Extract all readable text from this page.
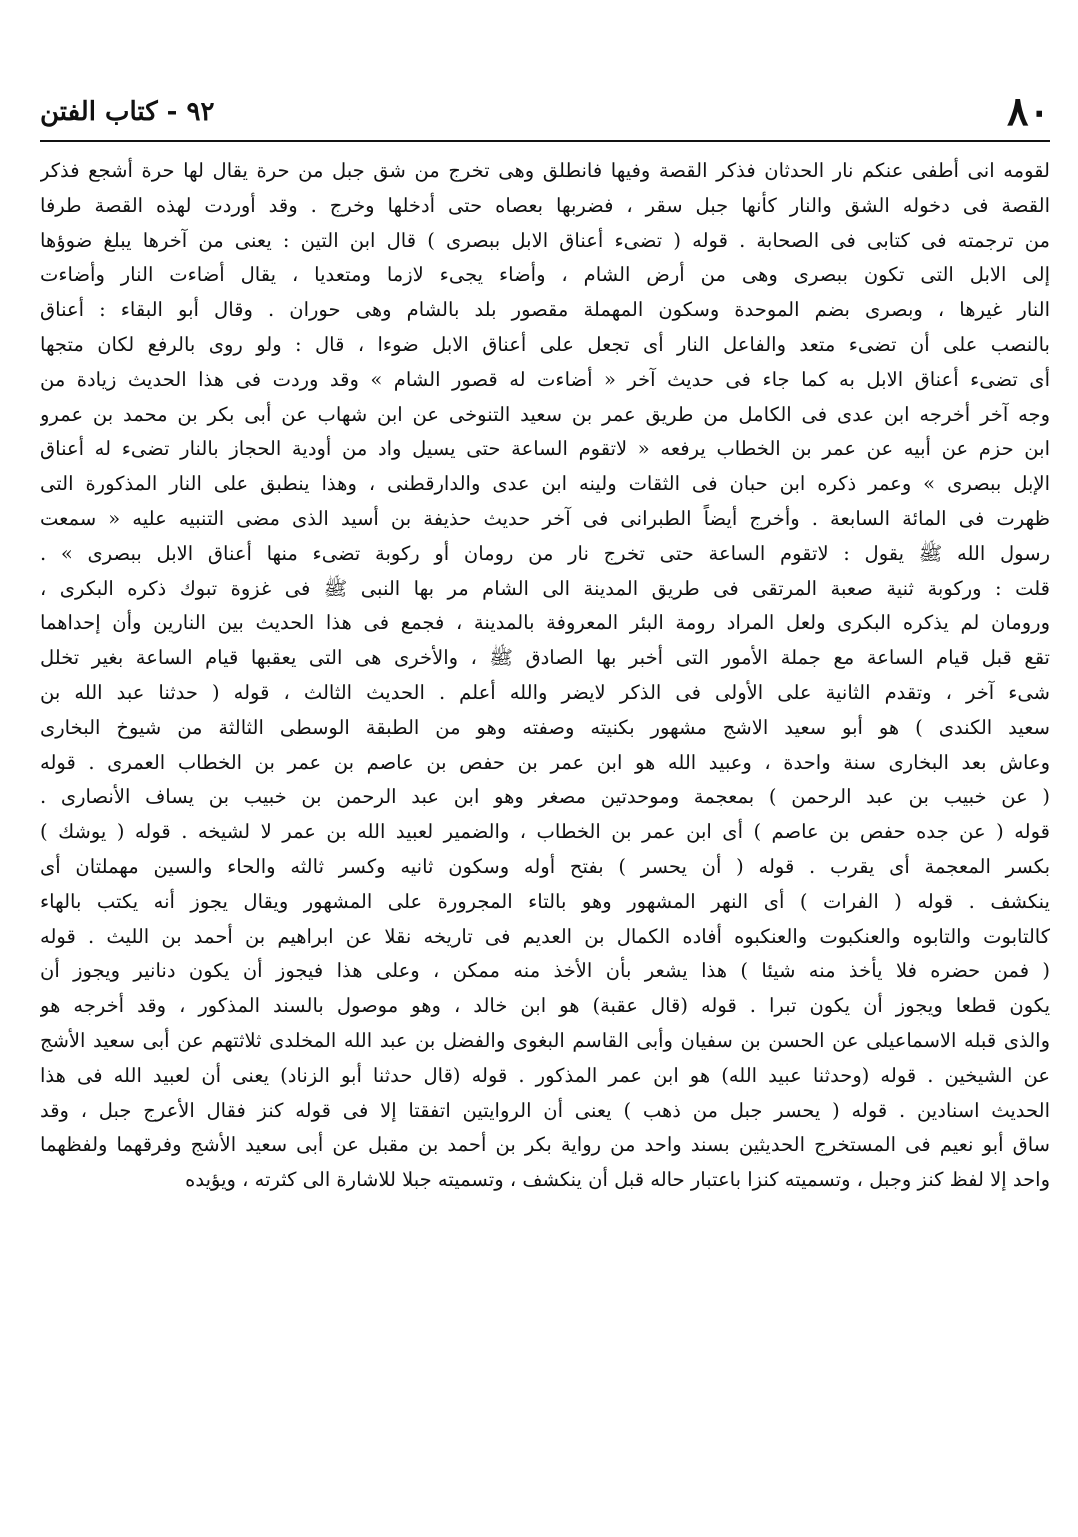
٨٠
٩٢ - كتاب الفتن
لقومه انى أطفى عنكم نار الحدثان فذكر القصة وفيها فانطلق وهى تخرج من شق جبل من حرة يقال لها حرة أشجع فذكر
القصة فى دخوله الشق والنار كأنها جبل سقر ، فضربها بعصاه حتى أدخلها وخرج . وقد أوردت لهذه القصة طرفا
من ترجمته فى كتابى فى الصحابة . قوله ( تضىء أعناق الابل ببصرى ) قال ابن التين : يعنى من آخرها يبلغ ضوؤها
إلى الابل التى تكون ببصرى وهى من أرض الشام ، وأضاء يجىء لازما ومتعديا ، يقال أضاءت النار وأضاءت
النار غيرها ، وبصرى بضم الموحدة وسكون المهملة مقصور بلد بالشام وهى حوران . وقال أبو البقاء : أعناق
بالنصب على أن تضىء متعد والفاعل النار أى تجعل على أعناق الابل ضوءا ، قال : ولو روى بالرفع لكان متجها
أى تضىء أعناق الابل به كما جاء فى حديث آخر « أضاءت له قصور الشام » وقد وردت فى هذا الحديث زيادة من
وجه آخر أخرجه ابن عدى فى الكامل من طريق عمر بن سعيد التنوخى عن ابن شهاب عن أبى بكر بن محمد بن عمرو
ابن حزم عن أبيه عن عمر بن الخطاب يرفعه « لاتقوم الساعة حتى يسيل واد من أودية الحجاز بالنار تضىء له أعناق
الإبل ببصرى » وعمر ذكره ابن حبان فى الثقات ولينه ابن عدى والدارقطنى ، وهذا ينطبق على النار المذكورة التى
ظهرت فى المائة السابعة . وأخرج أيضاً الطبرانى فى آخر حديث حذيفة بن أسيد الذى مضى التنبيه عليه « سمعت
رسول الله ﷺ يقول : لاتقوم الساعة حتى تخرج نار من رومان أو ركوبة تضىء منها أعناق الابل ببصرى » .
قلت : وركوبة ثنية صعبة المرتقى فى طريق المدينة الى الشام مر بها النبى ﷺ فى غزوة تبوك ذكره البكرى ،
ورومان لم يذكره البكرى ولعل المراد رومة البئر المعروفة بالمدينة ، فجمع فى هذا الحديث بين النارين وأن إحداهما
تقع قبل قيام الساعة مع جملة الأمور التى أخبر بها الصادق ﷺ ، والأخرى هى التى يعقبها قيام الساعة بغير تخلل
شىء آخر ، وتقدم الثانية على الأولى فى الذكر لايضر والله أعلم . الحديث الثالث ، قوله ( حدثنا عبد الله بن
سعيد الكندى ) هو أبو سعيد الاشج مشهور بكنيته وصفته وهو من الطبقة الوسطى الثالثة من شيوخ البخارى
وعاش بعد البخارى سنة واحدة ، وعبيد الله هو ابن عمر بن حفص بن عاصم بن عمر بن الخطاب العمرى . قوله
( عن خبيب بن عبد الرحمن ) بمعجمة وموحدتين مصغر وهو ابن عبد الرحمن بن خبيب بن يساف الأنصارى .
قوله ( عن جده حفص بن عاصم ) أى ابن عمر بن الخطاب ، والضمير لعبيد الله بن عمر لا لشيخه . قوله ( يوشك )
بكسر المعجمة أى يقرب . قوله ( أن يحسر ) بفتح أوله وسكون ثانيه وكسر ثالثه والحاء والسين مهملتان أى
ينكشف . قوله ( الفرات ) أى النهر المشهور وهو بالتاء المجرورة على المشهور ويقال يجوز أنه يكتب بالهاء
كالتابوت والتابوه والعنكبوت والعنكبوه أفاده الكمال بن العديم فى تاريخه نقلا عن ابراهيم بن أحمد بن الليث . قوله
( فمن حضره فلا يأخذ منه شيئا ) هذا يشعر بأن الأخذ منه ممكن ، وعلى هذا فيجوز أن يكون دنانير ويجوز أن
يكون قطعا ويجوز أن يكون تبرا . قوله (قال عقبة) هو ابن خالد ، وهو موصول بالسند المذكور ، وقد أخرجه هو
والذى قبله الاسماعيلى عن الحسن بن سفيان وأبى القاسم البغوى والفضل بن عبد الله المخلدى ثلاثتهم عن أبى سعيد الأشج
عن الشيخين . قوله (وحدثنا عبيد الله) هو ابن عمر المذكور . قوله (قال حدثنا أبو الزناد) يعنى أن لعبيد الله فى هذا
الحديث اسنادين . قوله ( يحسر جبل من ذهب ) يعنى أن الروايتين اتفقتا إلا فى قوله كنز فقال الأعرج جبل ، وقد
ساق أبو نعيم فى المستخرج الحديثين بسند واحد من رواية بكر بن أحمد بن مقبل عن أبى سعيد الأشج وفرقهما ولفظهما
واحد إلا لفظ كنز وجبل ، وتسميته كنزا باعتبار حاله قبل أن ينكشف ، وتسميته جبلا للاشارة الى كثرته ، ويؤيده
